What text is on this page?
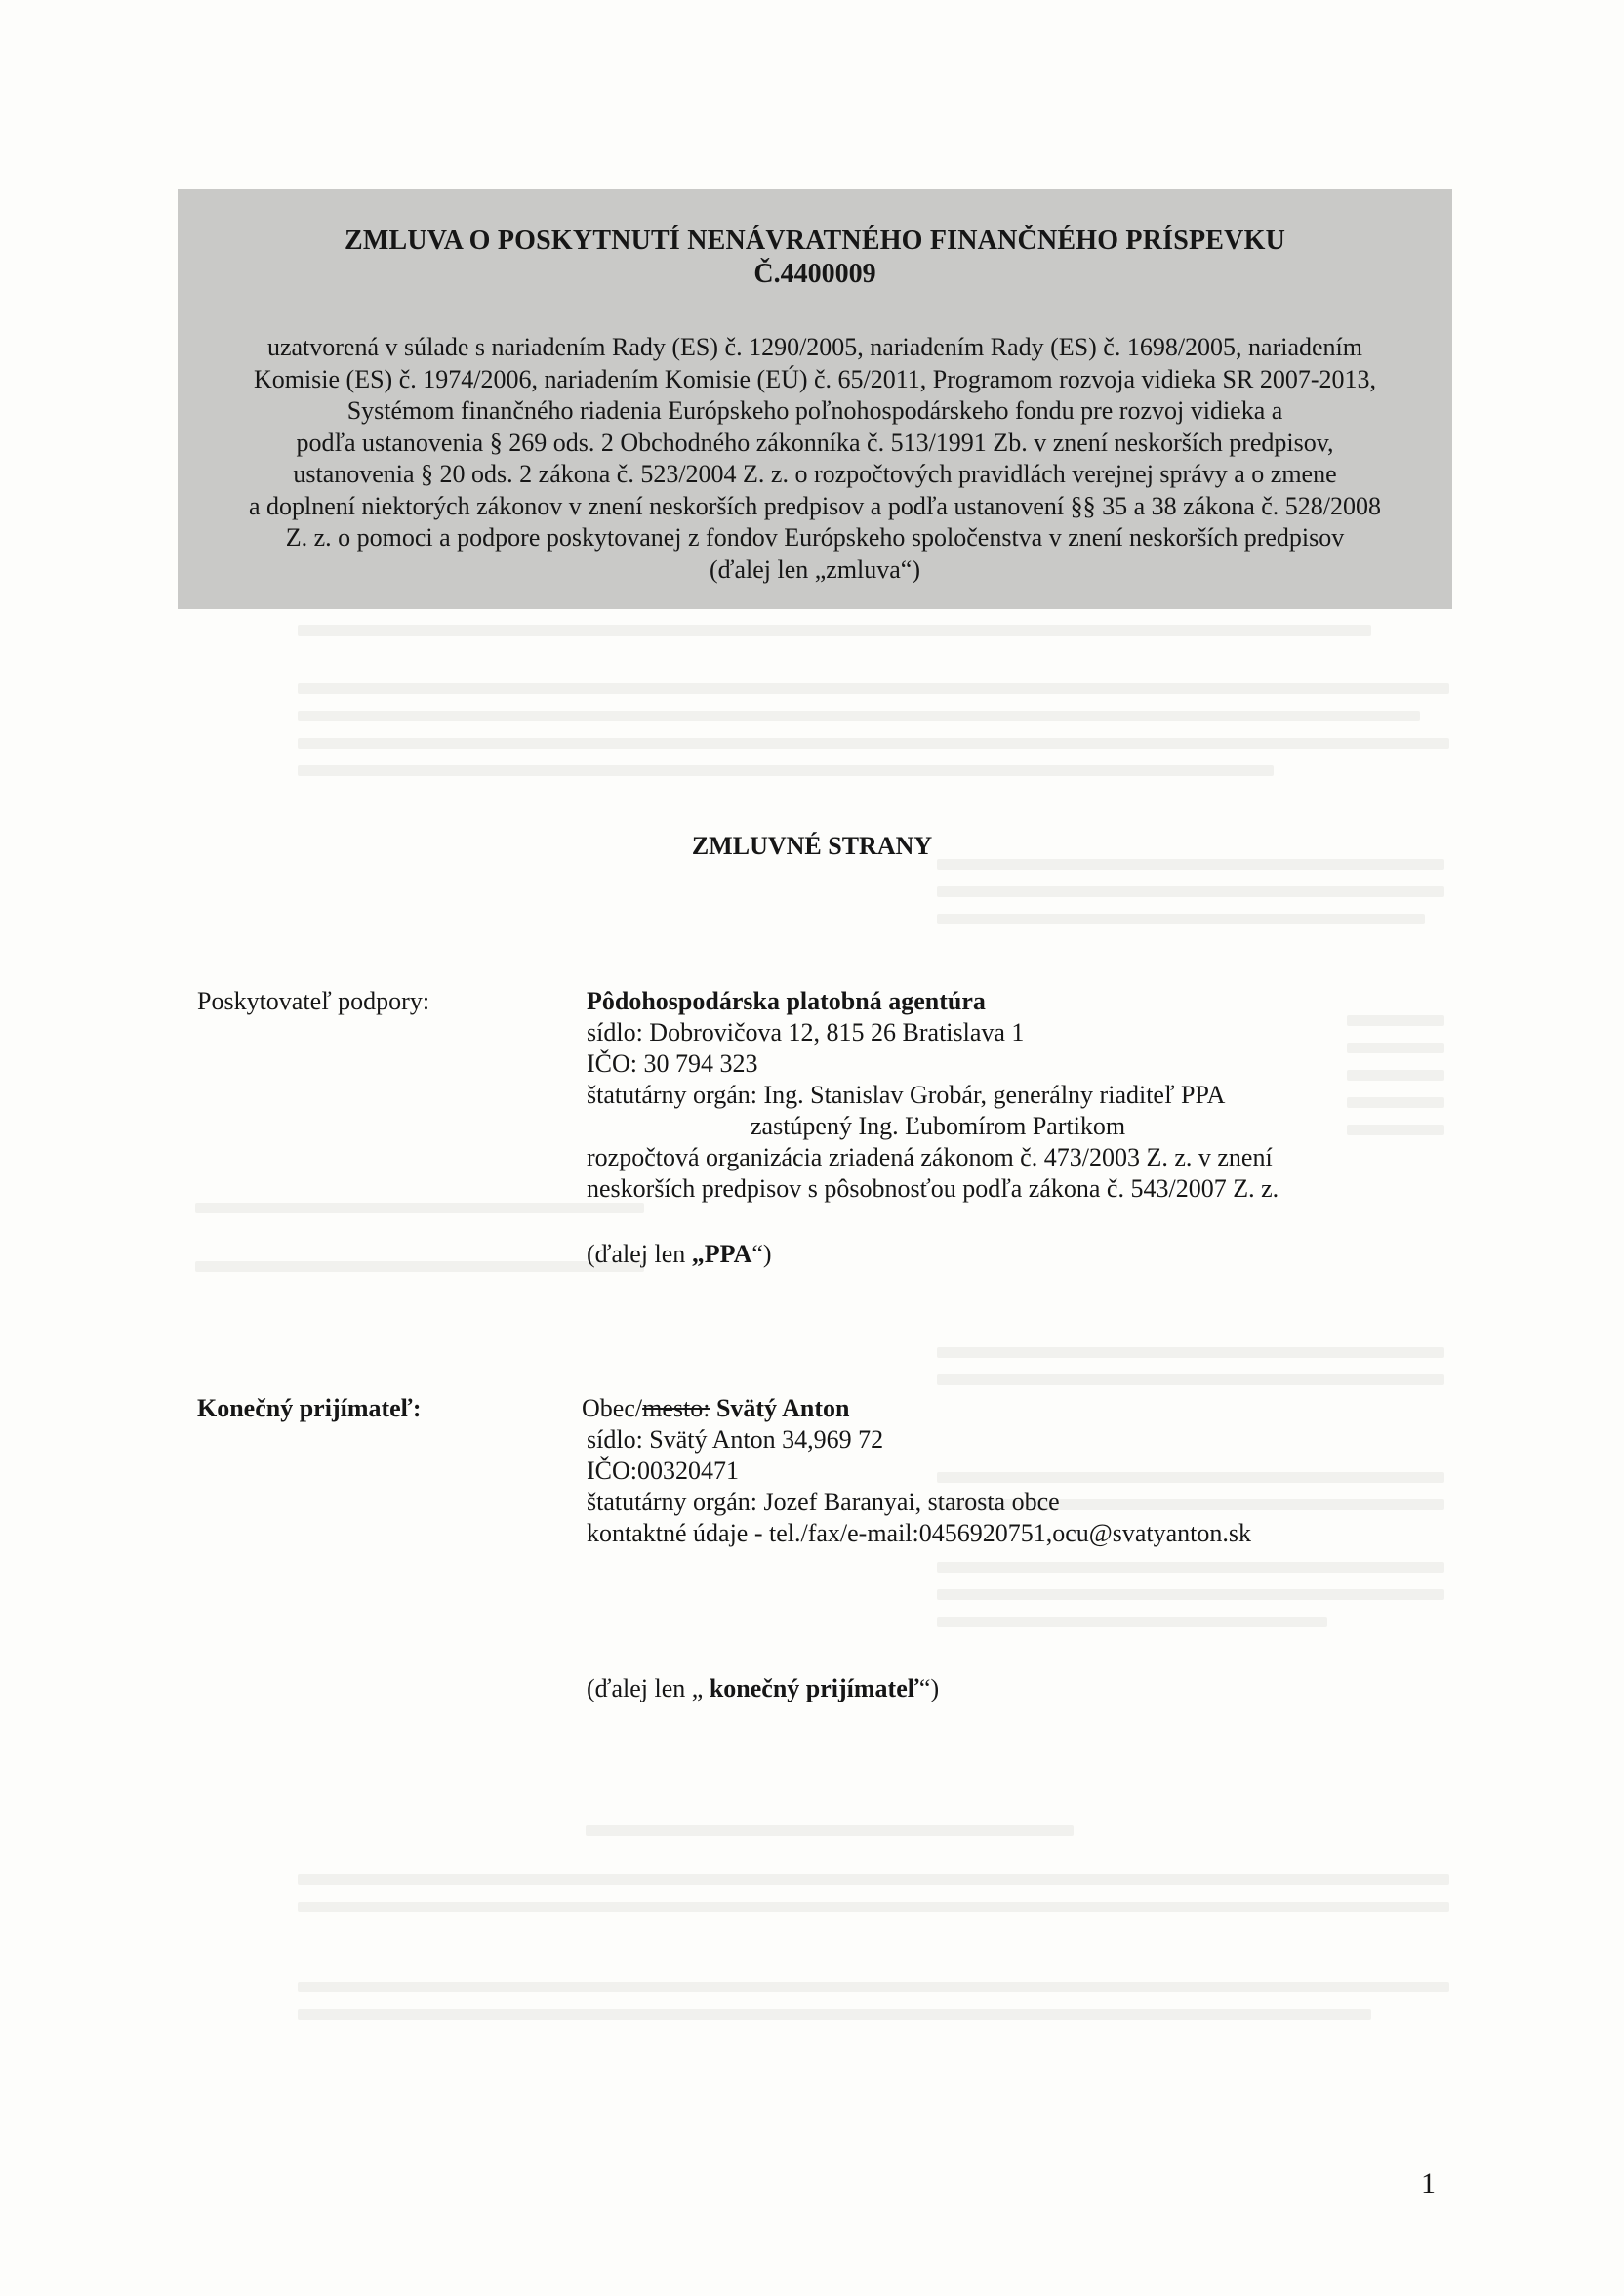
ZMLUVA O POSKYTNUTÍ NENÁVRATNÉHO FINANČNÉHO PRÍSPEVKU
Č.4400009
uzatvorená v súlade s nariadením Rady (ES) č. 1290/2005, nariadením Rady (ES) č. 1698/2005, nariadením
Komisie (ES) č. 1974/2006, nariadením Komisie (EÚ) č. 65/2011, Programom rozvoja vidieka SR 2007-2013,
Systémom finančného riadenia Európskeho poľnohospodárskeho fondu pre rozvoj vidieka a
podľa ustanovenia § 269 ods. 2 Obchodného zákonníka č. 513/1991 Zb. v znení neskorších predpisov,
ustanovenia § 20 ods. 2 zákona č. 523/2004 Z. z. o rozpočtových pravidlách verejnej správy a o zmene
a doplnení niektorých zákonov v znení neskorších predpisov a podľa ustanovení §§ 35 a 38 zákona č. 528/2008
Z. z. o pomoci a podpore poskytovanej z fondov Európskeho spoločenstva v znení neskorších predpisov
(ďalej len „zmluva“)
ZMLUVNÉ STRANY
Poskytovateľ podpory:	Pôdohospodárska platobná agentúra
sídlo: Dobrovičova 12, 815 26 Bratislava 1
IČO: 30 794 323
štatutárny orgán: Ing. Stanislav Grobár, generálny riaditeľ PPA
zastúpený Ing. Ľubomírom Partikom
rozpočtová organizácia zriadená zákonom č. 473/2003 Z. z. v znení
neskorších predpisov s pôsobnosťou podľa zákona č. 543/2007 Z. z.
(ďalej len „PPA“)
Konečný prijímateľ:	Obec/mesto: Svätý Anton
sídlo: Svätý Anton 34,969 72
IČO:00320471
štatutárny orgán: Jozef Baranyai, starosta obce
kontaktné údaje - tel./fax/e-mail:0456920751,ocu@svatyanton.sk
(ďalej len „ konečný prijímateľ“)
1
